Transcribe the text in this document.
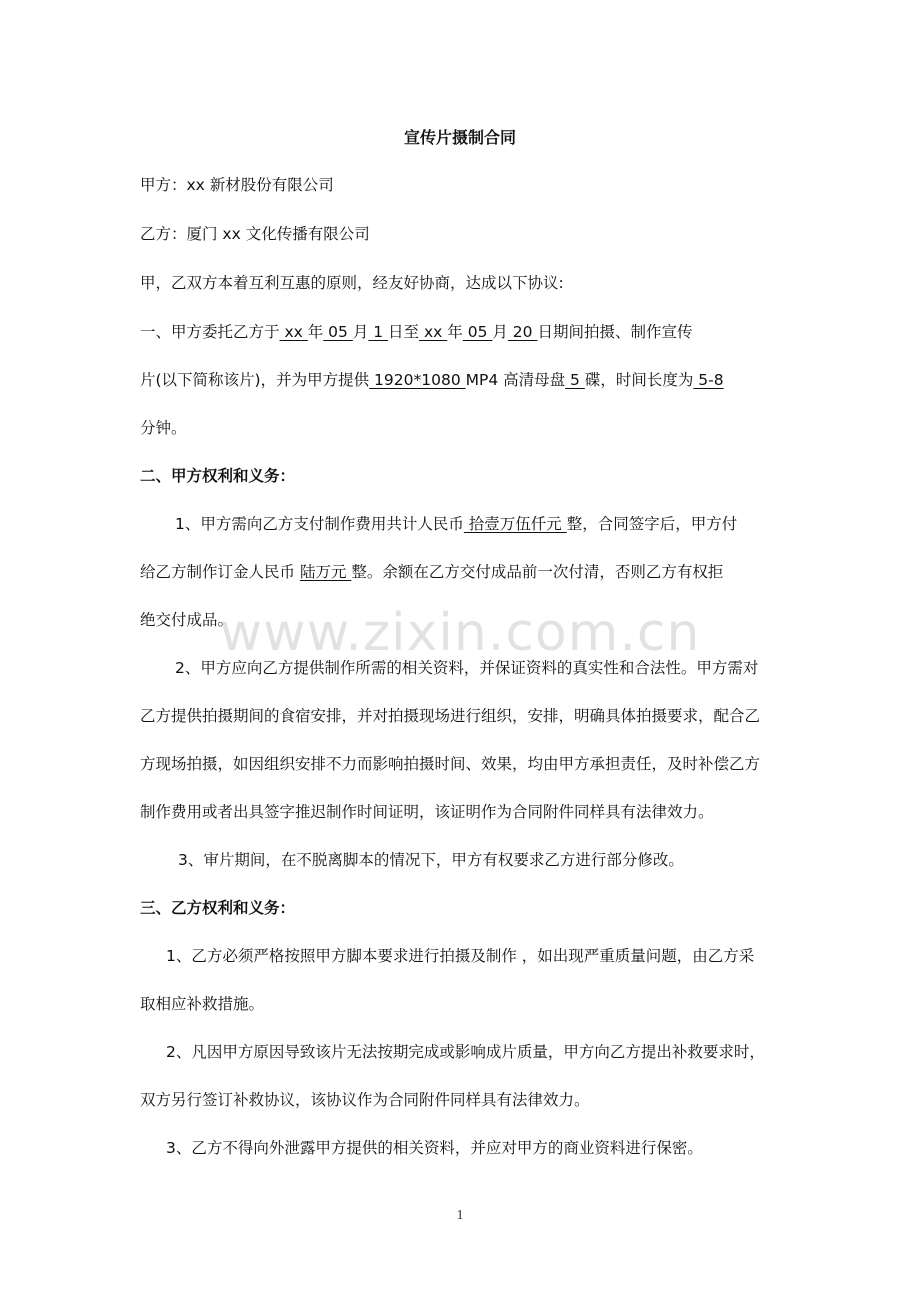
宣传片摄制合同
甲方：xx 新材股份有限公司
乙方：厦门 xx 文化传播有限公司
甲，乙双方本着互利互惠的原则，经友好协商，达成以下协议:
一、甲方委托乙方于 xx 年 05 月 1 日至 xx 年 05 月 20 日期间拍摄、制作宣传
片(以下简称该片)，并为甲方提供 1920*1080 MP4 高清母盘 5 碟，时间长度为 5-8
分钟。
二、甲方权利和义务：
1、甲方需向乙方支付制作费用共计人民币 拾壹万伍仟元 整，合同签字后，甲方付
给乙方制作订金人民币 陆万元 整。余额在乙方交付成品前一次付清，否则乙方有权拒
绝交付成品。
2、甲方应向乙方提供制作所需的相关资料，并保证资料的真实性和合法性。甲方需对
乙方提供拍摄期间的食宿安排，并对拍摄现场进行组织，安排，明确具体拍摄要求，配合乙
方现场拍摄，如因组织安排不力而影响拍摄时间、效果，均由甲方承担责任，及时补偿乙方
制作费用或者出具签字推迟制作时间证明，该证明作为合同附件同样具有法律效力。
3、审片期间，在不脱离脚本的情况下，甲方有权要求乙方进行部分修改。
三、乙方权利和义务：
1、乙方必须严格按照甲方脚本要求进行拍摄及制作 ，如出现严重质量问题，由乙方采
取相应补救措施。
2、凡因甲方原因导致该片无法按期完成或影响成片质量，甲方向乙方提出补救要求时，
双方另行签订补救协议，该协议作为合同附件同样具有法律效力。
3、乙方不得向外泄露甲方提供的相关资料，并应对甲方的商业资料进行保密。
www.zixin.com.cn
1
